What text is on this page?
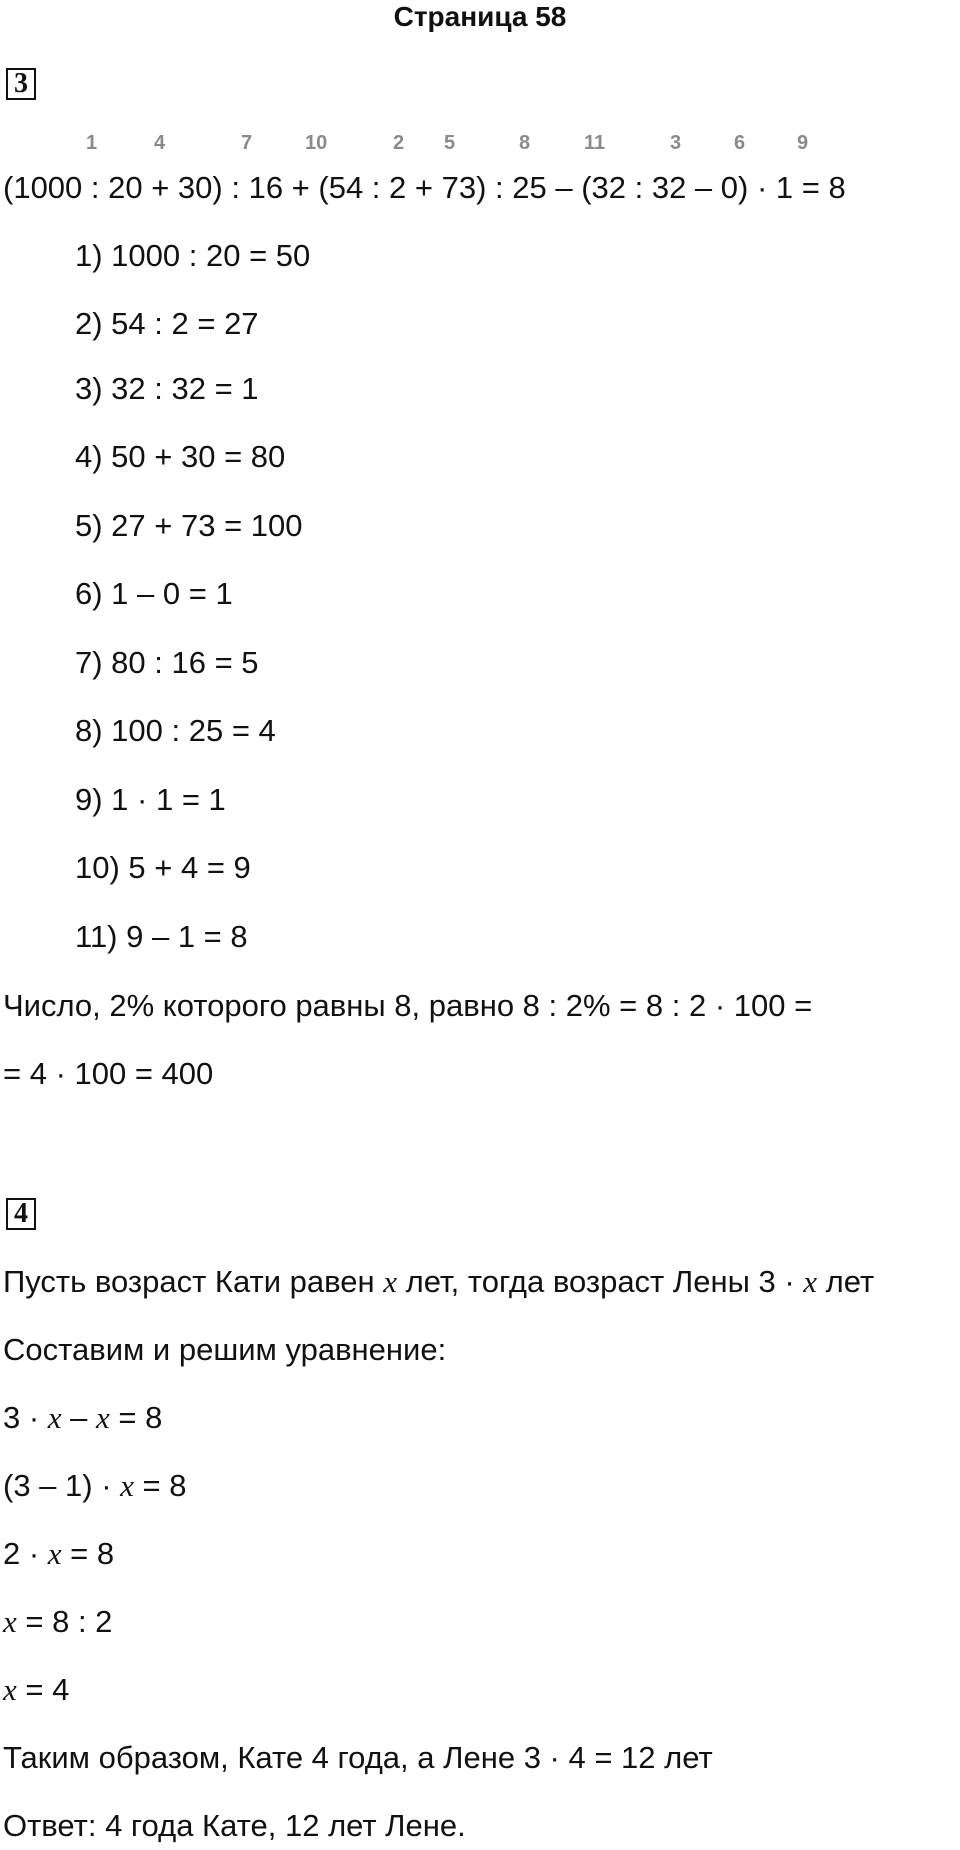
Страница 58
3
1	4	7	10	2 5	8	11	3	6	9
(1000 : 20 + 30) : 16 + (54 : 2 + 73) : 25 – (32 : 32 – 0) · 1 = 8
1) 1000 : 20 = 50
2) 54 : 2 = 27
3) 32 : 32 = 1
4) 50 + 30 = 80
5) 27 + 73 = 100
6) 1 – 0 = 1
7) 80 : 16 = 5
8) 100 : 25 = 4
9) 1 · 1 = 1
10) 5 + 4 = 9
11) 9 – 1 = 8
Число, 2% которого равны 8, равно 8 : 2% = 8 : 2 · 100 =
= 4 · 100 = 400
4
Пусть возраст Кати равен x лет, тогда возраст Лены 3 · x лет
Составим и решим уравнение:
3 · x – x = 8
(3 – 1) · x = 8
2 · x = 8
x = 8 : 2
x = 4
Таким образом, Кате 4 года, а Лене 3 · 4 = 12 лет
Ответ: 4 года Кате, 12 лет Лене.
